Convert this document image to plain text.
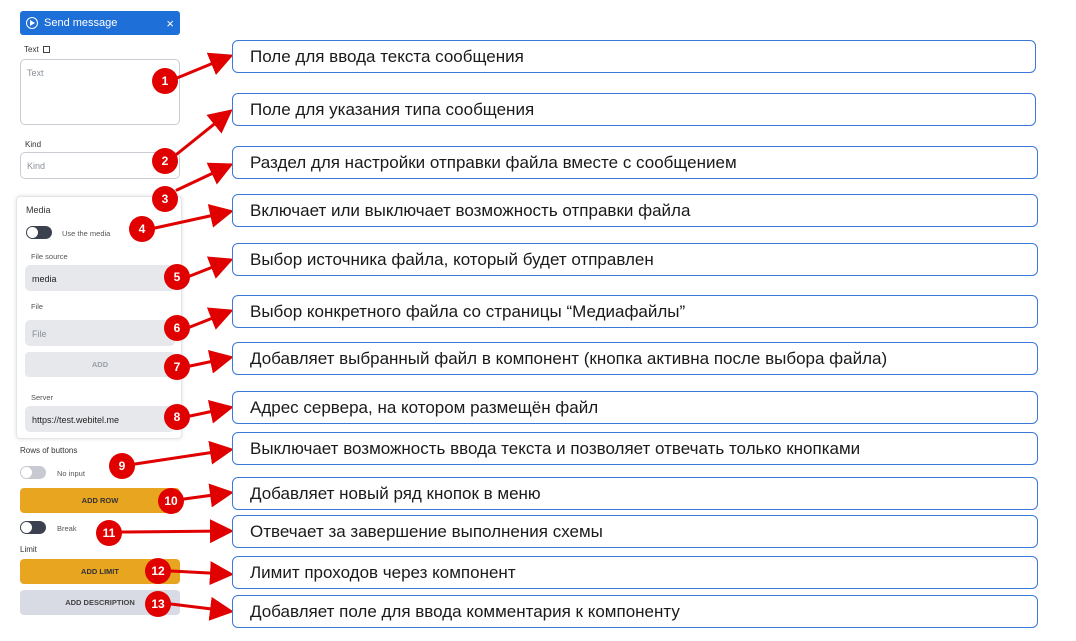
Send message	×
Text
Text
Kind
Kind
Media
Use the media
File source
media
File
File
ADD
Server
https://test.webitel.me
Rows of buttons
No input
ADD ROW
Break
Limit
ADD LIMIT
ADD DESCRIPTION
Поле для ввода текста сообщения
Поле для указания типа сообщения
Раздел для настройки отправки файла вместе с сообщением
Включает или выключает возможность отправки файла
Выбор источника файла, который будет отправлен
Выбор конкретного файла со страницы “Медиафайлы”
Добавляет выбранный файл в компонент (кнопка активна после выбора файла)
Адрес сервера, на котором размещён файл
Выключает возможность ввода текста и позволяет отвечать только кнопками
Добавляет новый ряд кнопок в меню
Отвечает за завершение выполнения схемы
Лимит проходов через компонент
Добавляет поле для ввода комментария к компоненту
1
2
3
4
5
6
7
8
9
10
11
12
13
